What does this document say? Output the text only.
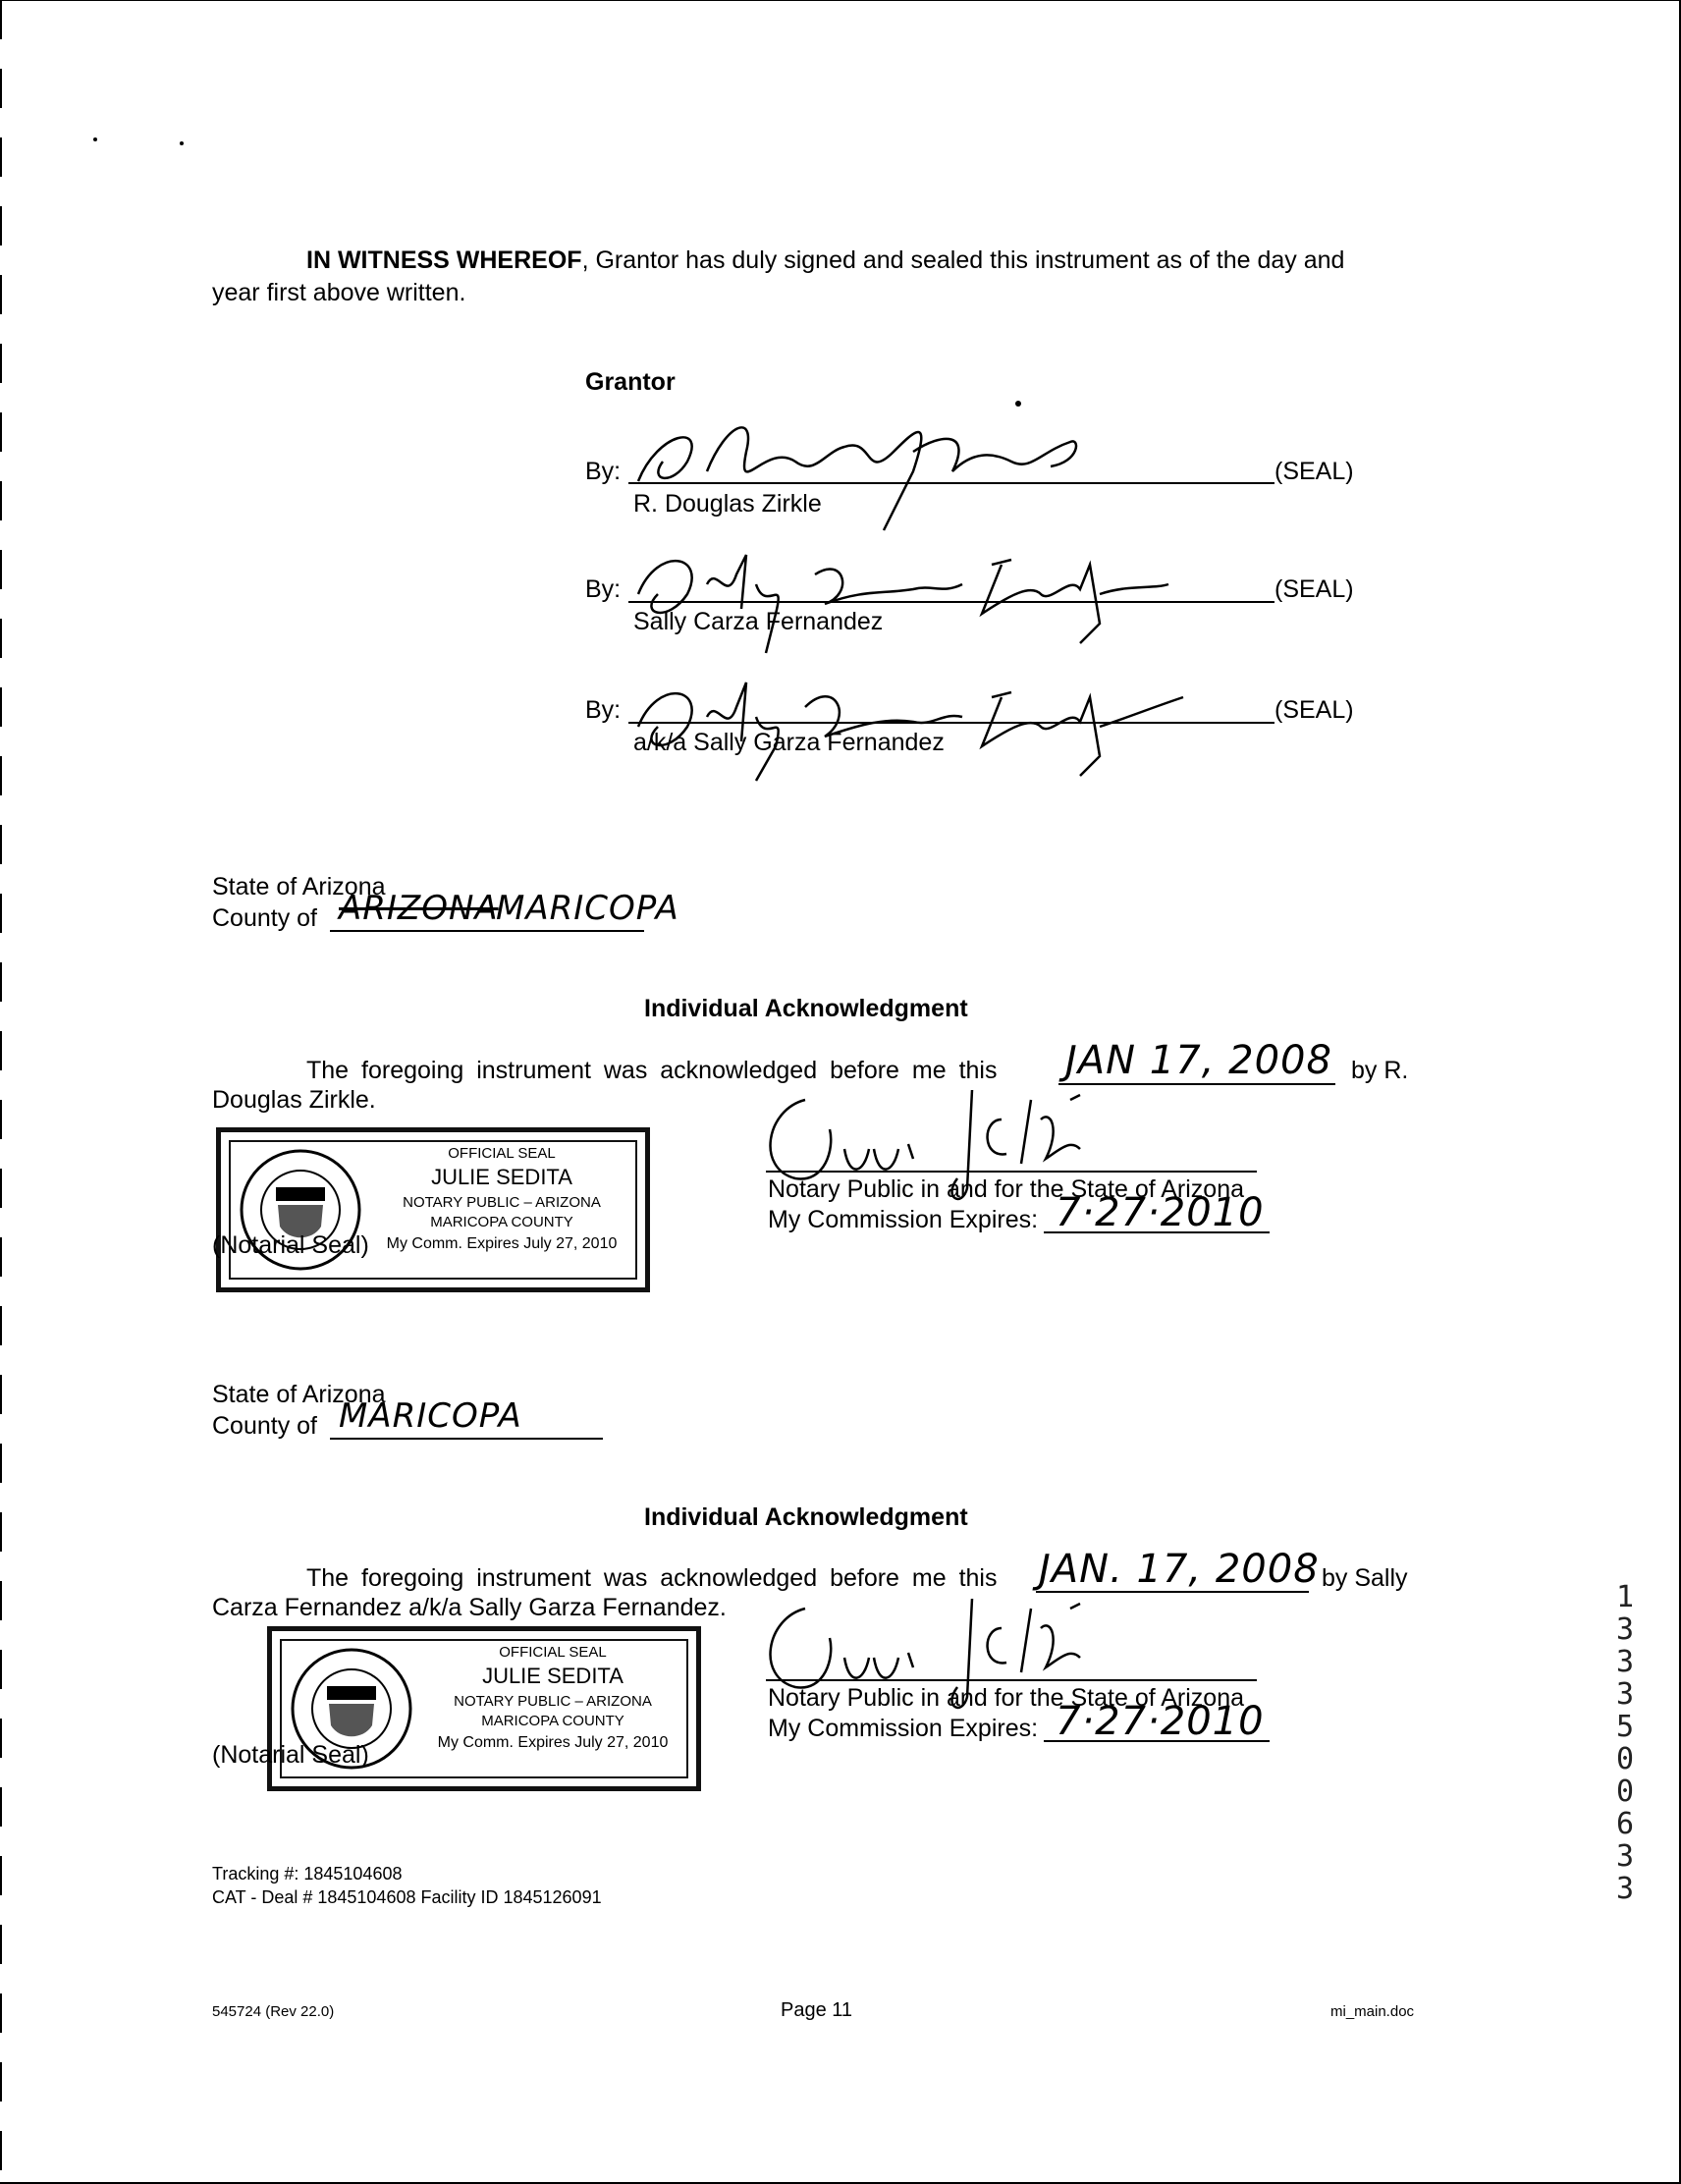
IN WITNESS WHEREOF, Grantor has duly signed and sealed this instrument as of the day and
year first above written.
Grantor
By:	(SEAL)
R. Douglas Zirkle
By:	(SEAL)
Sally Carza Fernandez
By:	(SEAL)
a/k/a Sally Garza Fernandez
State of Arizona
County of ARIZONA
MARICOPA
Individual Acknowledgment
The foregoing instrument was acknowledged before me this JAN 17, 2008 by R.
Douglas Zirkle.
OFFICIAL SEAL
JULIE SEDITA
NOTARY PUBLIC – ARIZONA
MARICOPA COUNTY
My Comm. Expires July 27, 2010
(Notarial Seal)
Notary Public in and for the State of Arizona
My Commission Expires: 7·27·2010
State of Arizona
County of MARICOPA
Individual Acknowledgment
The foregoing instrument was acknowledged before me this JAN. 17, 2008 by Sally
Carza Fernandez a/k/a Sally Garza Fernandez.
OFFICIAL SEAL
JULIE SEDITA
NOTARY PUBLIC – ARIZONA
MARICOPA COUNTY
My Comm. Expires July 27, 2010
(Notarial Seal)
Notary Public in and for the State of Arizona
My Commission Expires: 7·27·2010
Tracking #: 1845104608
CAT - Deal # 1845104608 Facility ID 1845126091
545724 (Rev 22.0)	Page 11	mi_main.doc
1
3
3
3
5
0
0
6
3
3
